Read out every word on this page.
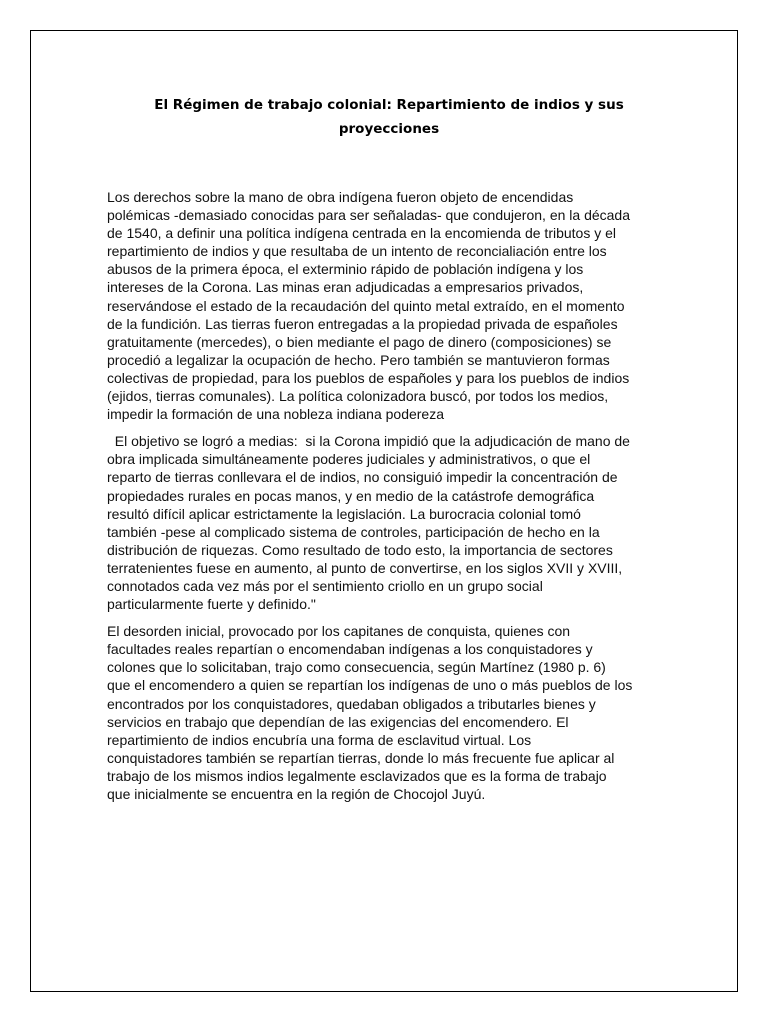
El Régimen de trabajo colonial: Repartimiento de indios y sus
proyecciones

Los derechos sobre la mano de obra indígena fueron objeto de encendidas
polémicas -demasiado conocidas para ser señaladas- que condujeron, en la década
de 1540, a definir una política indígena centrada en la encomienda de tributos y el
repartimiento de indios y que resultaba de un intento de reconcialiación entre los
abusos de la primera época, el exterminio rápido de población indígena y los
intereses de la Corona. Las minas eran adjudicadas a empresarios privados,
reservándose el estado de la recaudación del quinto metal extraído, en el momento
de la fundición. Las tierras fueron entregadas a la propiedad privada de españoles
gratuitamente (mercedes), o bien mediante el pago de dinero (composiciones) se
procedió a legalizar la ocupación de hecho. Pero también se mantuvieron formas
colectivas de propiedad, para los pueblos de españoles y para los pueblos de indios
(ejidos, tierras comunales). La política colonizadora buscó, por todos los medios,
impedir la formación de una nobleza indiana podereza

El objetivo se logró a medias:  si la Corona impidió que la adjudicación de mano de
obra implicada simultáneamente poderes judiciales y administrativos, o que el
reparto de tierras conllevara el de indios, no consiguió impedir la concentración de
propiedades rurales en pocas manos, y en medio de la catástrofe demográfica
resultó difícil aplicar estrictamente la legislación. La burocracia colonial tomó
también -pese al complicado sistema de controles, participación de hecho en la
distribución de riquezas. Como resultado de todo esto, la importancia de sectores
terratenientes fuese en aumento, al punto de convertirse, en los siglos XVII y XVIII,
connotados cada vez más por el sentimiento criollo en un grupo social
particularmente fuerte y definido."

El desorden inicial, provocado por los capitanes de conquista, quienes con
facultades reales repartían o encomendaban indígenas a los conquistadores y
colones que lo solicitaban, trajo como consecuencia, según Martínez (1980 p. 6)
que el encomendero a quien se repartían los indígenas de uno o más pueblos de los
encontrados por los conquistadores, quedaban obligados a tributarles bienes y
servicios en trabajo que dependían de las exigencias del encomendero. El
repartimiento de indios encubría una forma de esclavitud virtual. Los
conquistadores también se repartían tierras, donde lo más frecuente fue aplicar al
trabajo de los mismos indios legalmente esclavizados que es la forma de trabajo
que inicialmente se encuentra en la región de Chocojol Juyú.
